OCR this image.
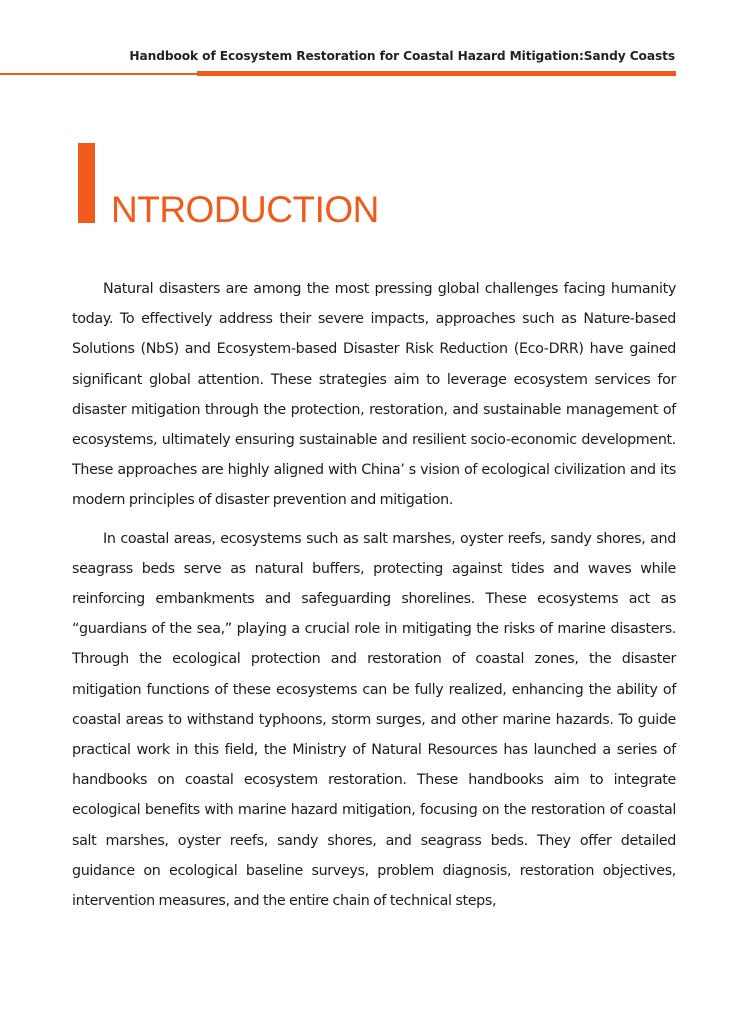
Handbook of Ecosystem Restoration for Coastal Hazard Mitigation:Sandy Coasts
NTRODUCTION

Natural disasters are among the most pressing global challenges facing humanity today. To effectively address their severe impacts, approaches such as Nature-based Solutions (NbS) and Ecosystem-based Disaster Risk Reduction (Eco-DRR) have gained significant global attention. These strategies aim to leverage ecosystem services for disaster mitigation through the protection, restoration, and sustainable management of ecosystems, ultimately ensuring sustainable and resilient socio-economic development. These approaches are highly aligned with China’ s vision of ecological civilization and its modern principles of disaster prevention and mitigation.

In coastal areas, ecosystems such as salt marshes, oyster reefs, sandy shores, and seagrass beds serve as natural buffers, protecting against tides and waves while reinforcing embankments and safeguarding shorelines. These ecosystems act as “guardians of the sea,” playing a crucial role in mitigating the risks of marine disasters. Through the ecological protection and restoration of coastal zones, the disaster mitigation functions of these ecosystems can be fully realized, enhancing the ability of coastal areas to withstand typhoons, storm surges, and other marine hazards. To guide practical work in this field, the Ministry of Natural Resources has launched a series of handbooks on coastal ecosystem restoration. These handbooks aim to integrate ecological benefits with marine hazard mitigation, focusing on the restoration of coastal salt marshes, oyster reefs, sandy shores, and seagrass beds. They offer detailed guidance on ecological baseline surveys, problem diagnosis, restoration objectives, intervention measures, and the entire chain of technical steps,
